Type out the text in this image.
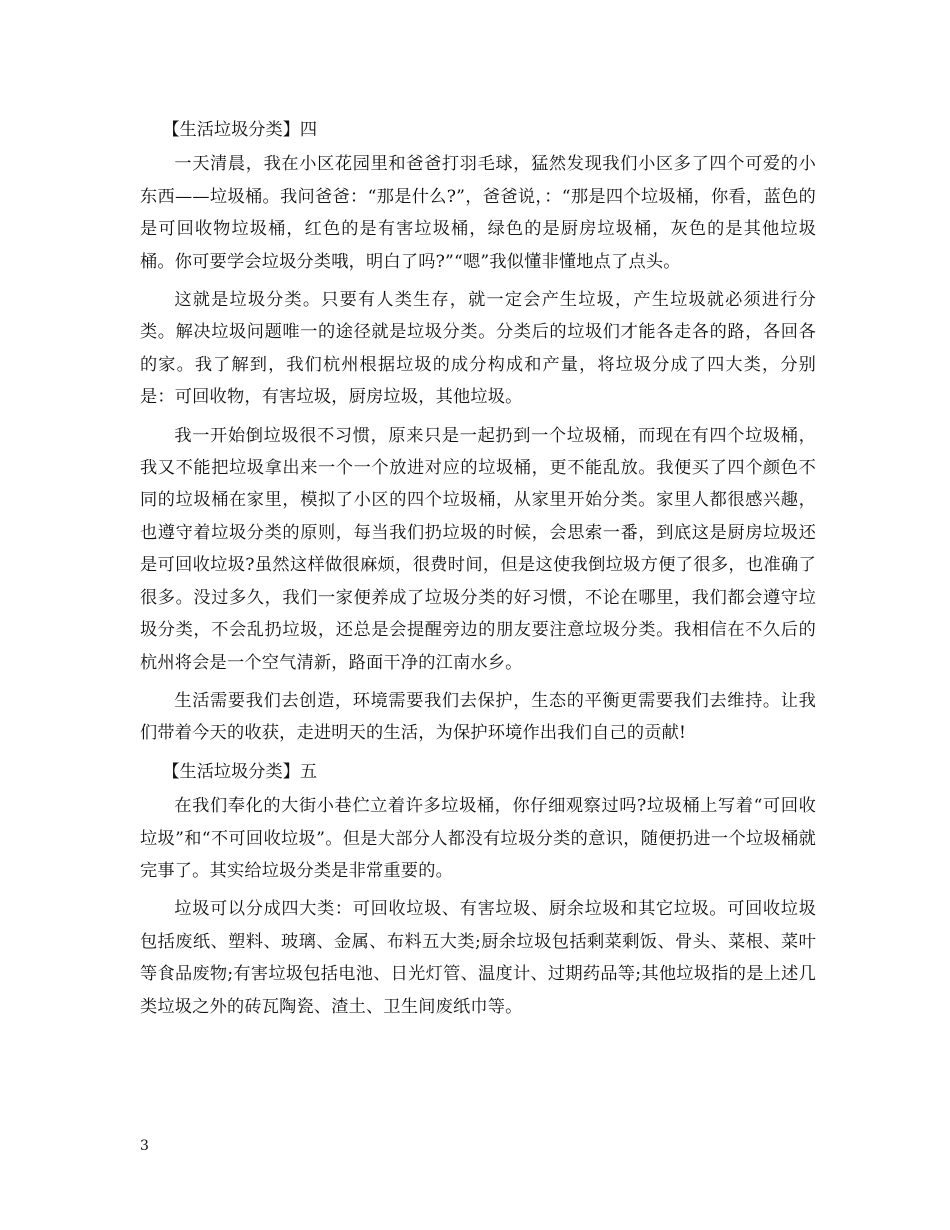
【生活垃圾分类】四

一天清晨，我在小区花园里和爸爸打羽毛球，猛然发现我们小区多了四个可爱的小东西——垃圾桶。我问爸爸：“那是什么?”，爸爸说，：“那是四个垃圾桶，你看，蓝色的是可回收物垃圾桶，红色的是有害垃圾桶，绿色的是厨房垃圾桶，灰色的是其他垃圾桶。你可要学会垃圾分类哦，明白了吗?”“嗯”我似懂非懂地点了点头。

这就是垃圾分类。只要有人类生存，就一定会产生垃圾，产生垃圾就必须进行分类。解决垃圾问题唯一的途径就是垃圾分类。分类后的垃圾们才能各走各的路，各回各的家。我了解到，我们杭州根据垃圾的成分构成和产量，将垃圾分成了四大类，分别是：可回收物，有害垃圾，厨房垃圾，其他垃圾。

我一开始倒垃圾很不习惯，原来只是一起扔到一个垃圾桶，而现在有四个垃圾桶，我又不能把垃圾拿出来一个一个放进对应的垃圾桶，更不能乱放。我便买了四个颜色不同的垃圾桶在家里，模拟了小区的四个垃圾桶，从家里开始分类。家里人都很感兴趣，也遵守着垃圾分类的原则，每当我们扔垃圾的时候，会思索一番，到底这是厨房垃圾还是可回收垃圾?虽然这样做很麻烦，很费时间，但是这使我倒垃圾方便了很多，也准确了很多。没过多久，我们一家便养成了垃圾分类的好习惯，不论在哪里，我们都会遵守垃圾分类，不会乱扔垃圾，还总是会提醒旁边的朋友要注意垃圾分类。我相信在不久后的杭州将会是一个空气清新，路面干净的江南水乡。

生活需要我们去创造，环境需要我们去保护，生态的平衡更需要我们去维持。让我们带着今天的收获，走进明天的生活，为保护环境作出我们自己的贡献!

【生活垃圾分类】五

在我们奉化的大街小巷伫立着许多垃圾桶，你仔细观察过吗?垃圾桶上写着“可回收垃圾”和“不可回收垃圾”。但是大部分人都没有垃圾分类的意识，随便扔进一个垃圾桶就完事了。其实给垃圾分类是非常重要的。

垃圾可以分成四大类：可回收垃圾、有害垃圾、厨余垃圾和其它垃圾。可回收垃圾包括废纸、塑料、玻璃、金属、布料五大类;厨余垃圾包括剩菜剩饭、骨头、菜根、菜叶等食品废物;有害垃圾包括电池、日光灯管、温度计、过期药品等;其他垃圾指的是上述几类垃圾之外的砖瓦陶瓷、渣土、卫生间废纸巾等。

3
